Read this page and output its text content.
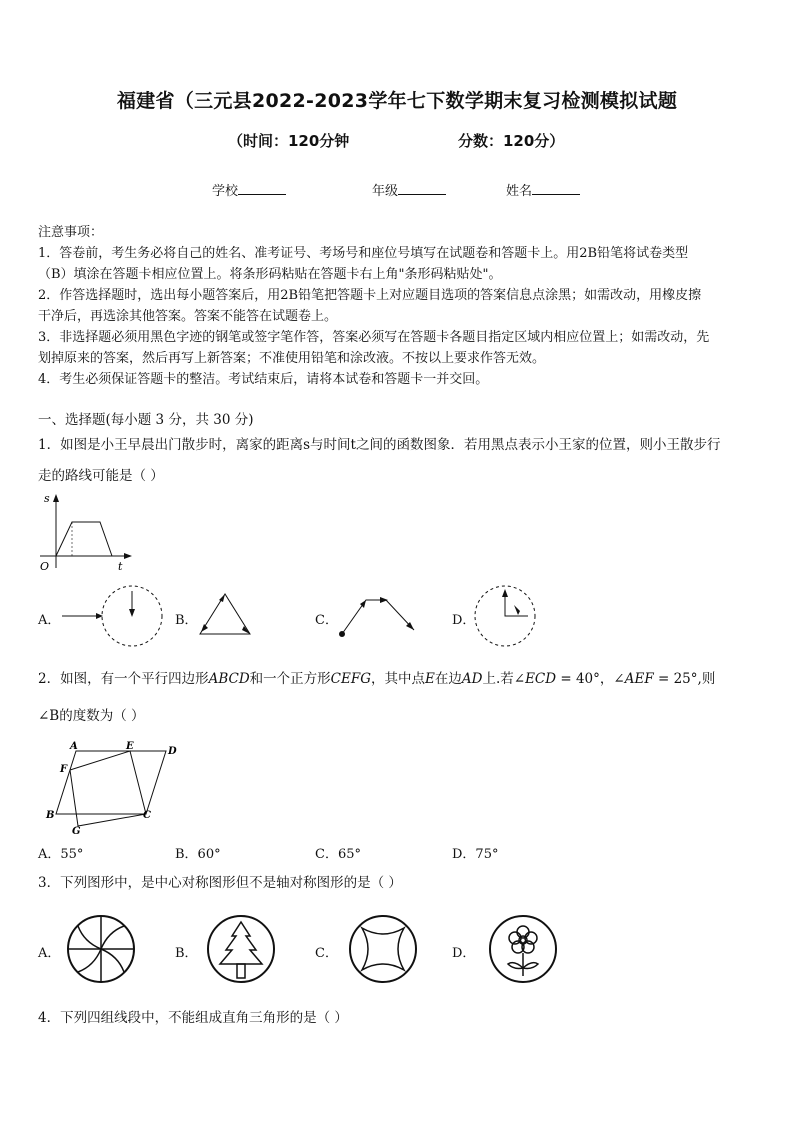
福建省（三元县2022-2023学年七下数学期末复习检测模拟试题
（时间：120分钟	分数：120分）
学校	年级	姓名
注意事项：
1．答卷前，考生务必将自己的姓名、准考证号、考场号和座位号填写在试题卷和答题卡上。用2B铅笔将试卷类型
（B）填涂在答题卡相应位置上。将条形码粘贴在答题卡右上角"条形码粘贴处"。
2．作答选择题时，选出每小题答案后，用2B铅笔把答题卡上对应题目选项的答案信息点涂黑；如需改动，用橡皮擦
干净后，再选涂其他答案。答案不能答在试题卷上。
3．非选择题必须用黑色字迹的钢笔或签字笔作答，答案必须写在答题卡各题目指定区域内相应位置上；如需改动，先
划掉原来的答案，然后再写上新答案；不准使用铅笔和涂改液。不按以上要求作答无效。
4．考生必须保证答题卡的整洁。考试结束后，请将本试卷和答题卡一并交回。
一、选择题(每小题 3 分，共 30 分)
1．如图是小王早晨出门散步时，离家的距离s与时间t之间的函数图象．若用黑点表示小王家的位置，则小王散步行
走的路线可能是（ ）
s
O	t
A．	B．	C．	D．
2．如图，有一个平行四边形ABCD和一个正方形CEFG，其中点E在边AD上.若∠ECD = 40°，∠AEF = 25°,则
∠B的度数为（ ）
A	E	D
F
B	C
G
A．55°	B．60°	C．65°	D．75°
3．下列图形中，是中心对称图形但不是轴对称图形的是（ ）
A．	B．	C．	D．
4．下列四组线段中，不能组成直角三角形的是（ ）
